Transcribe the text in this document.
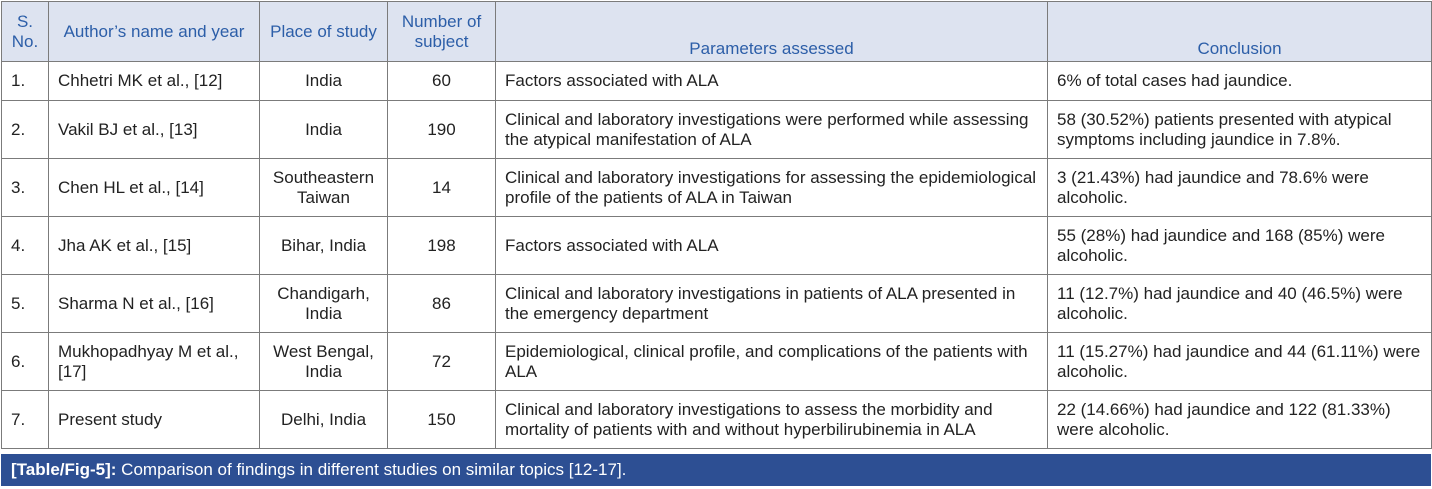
S. No.	Author’s name and year	Place of study	Number of subject	Parameters assessed	Conclusion
1.	Chhetri MK et al., [12]	India	60	Factors associated with ALA	6% of total cases had jaundice.
2.	Vakil BJ et al., [13]	India	190	Clinical and laboratory investigations were performed while assessing the atypical manifestation of ALA	58 (30.52%) patients presented with atypical symptoms including jaundice in 7.8%.
3.	Chen HL et al., [14]	Southeastern Taiwan	14	Clinical and laboratory investigations for assessing the epidemiological profile of the patients of ALA in Taiwan	3 (21.43%) had jaundice and 78.6% were alcoholic.
4.	Jha AK et al., [15]	Bihar, India	198	Factors associated with ALA	55 (28%) had jaundice and 168 (85%) were alcoholic.
5.	Sharma N et al., [16]	Chandigarh, India	86	Clinical and laboratory investigations in patients of ALA presented in the emergency department	11 (12.7%) had jaundice and 40 (46.5%) were alcoholic.
6.	Mukhopadhyay M et al., [17]	West Bengal, India	72	Epidemiological, clinical profile, and complications of the patients with ALA	11 (15.27%) had jaundice and 44 (61.11%) were alcoholic.
7.	Present study	Delhi, India	150	Clinical and laboratory investigations to assess the morbidity and mortality of patients with and without hyperbilirubinemia in ALA	22 (14.66%) had jaundice and 122 (81.33%) were alcoholic.
[Table/Fig-5]: Comparison of findings in different studies on similar topics [12-17].
